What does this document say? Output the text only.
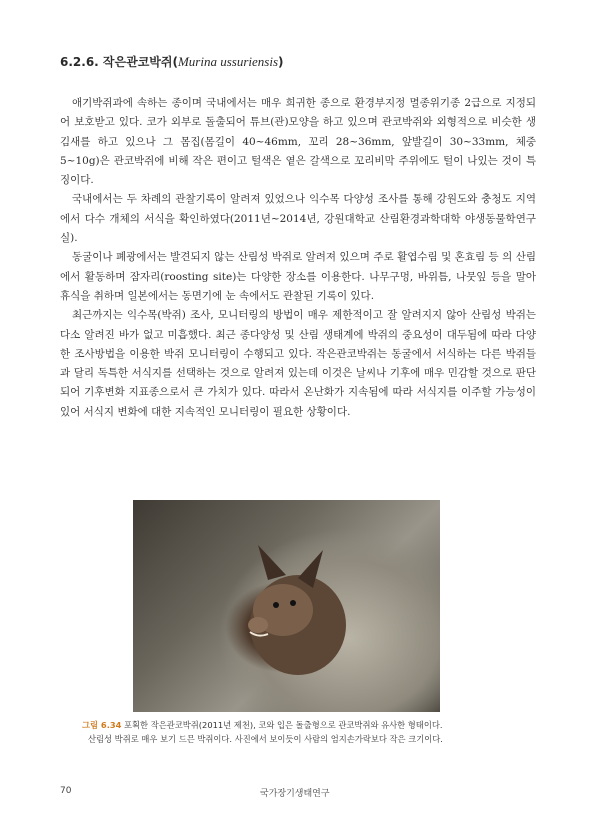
6.2.6. 작은관코박쥐(Murina ussuriensis)

애기박쥐과에 속하는 종이며 국내에서는 매우 희귀한 종으로 환경부지정 멸종위기종 2급으로 지정되어 보호받고 있다. 코가 외부로 돌출되어 튜브(관)모양을 하고 있으며 관코박쥐와 외형적으로 비슷한 생김새를 하고 있으나 그 몸집(몸길이 40~46mm, 꼬리 28~36mm, 앞발길이 30~33mm, 체중 5~10g)은 관코박쥐에 비해 작은 편이고 털색은 옅은 갈색으로 꼬리비막 주위에도 털이 나있는 것이 특징이다.

국내에서는 두 차례의 관찰기록이 알려져 있었으나 익수목 다양성 조사를 통해 강원도와 충청도 지역에서 다수 개체의 서식을 확인하였다(2011년~2014년, 강원대학교 산림환경과학대학 야생동물학연구실).

동굴이나 폐광에서는 발견되지 않는 산림성 박쥐로 알려져 있으며 주로 활엽수림 및 혼효림 등 의 산림에서 활동하며 잠자리(roosting site)는 다양한 장소를 이용한다. 나무구멍, 바위틈, 나뭇잎 등을 말아 휴식을 취하며 일본에서는 동면기에 눈 속에서도 관찰된 기록이 있다.

최근까지는 익수목(박쥐) 조사, 모니터링의 방법이 매우 제한적이고 잘 알려지지 않아 산림성 박쥐는 다소 알려진 바가 없고 미흡했다. 최근 종다양성 및 산림 생태계에 박쥐의 중요성이 대두됨에 따라 다양한 조사방법을 이용한 박쥐 모니터링이 수행되고 있다. 작은관코박쥐는 동굴에서 서식하는 다른 박쥐들과 달리 독특한 서식지를 선택하는 것으로 알려져 있는데 이것은 날씨나 기후에 매우 민감할 것으로 판단되어 기후변화 지표종으로서 큰 가치가 있다. 따라서 온난화가 지속됨에 따라 서식지를 이주할 가능성이 있어 서식지 변화에 대한 지속적인 모니터링이 필요한 상황이다.

그림 6.34 포획한 작은관코박쥐(2011년 제천), 코와 입은 돌출형으로 관코박쥐와 유사한 형태이다.
산림성 박쥐로 매우 보기 드믄 박쥐이다. 사진에서 보이듯이 사람의 엄지손가락보다 작은 크기이다.
70	국가장기생태연구
